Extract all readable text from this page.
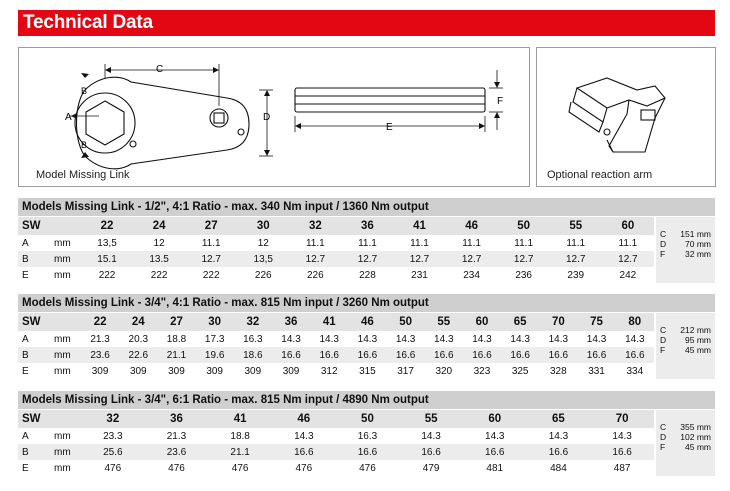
Technical Data
C
D
A
B
B
E
F
Model Missing Link	Optional reaction arm
Models Missing Link - 1/2", 4:1 Ratio - max. 340 Nm input / 1360 Nm output
SW		22	24	27	30	32	36	41	46	50	55	60
A	mm	13,5	12	11.1	12	11.1	11.1	11.1	11.1	11.1	11.1	11.1
B	mm	15.1	13.5	12.7	13,5	12.7	12.7	12.7	12.7	12.7	12.7	12.7
E	mm	222	222	222	226	226	228	231	234	236	239	242
C 151 mm
D 70 mm
F 32 mm
Models Missing Link - 3/4", 4:1 Ratio - max. 815 Nm input / 3260 Nm output
SW		22	24	27	30	32	36	41	46	50	55	60	65	70	75	80
A	mm	21.3	20.3	18.8	17.3	16.3	14.3	14.3	14.3	14.3	14.3	14.3	14.3	14.3	14.3	14.3
B	mm	23.6	22.6	21.1	19.6	18.6	16.6	16.6	16.6	16.6	16.6	16.6	16.6	16.6	16.6	16.6
E	mm	309	309	309	309	309	309	312	315	317	320	323	325	328	331	334
C 212 mm
D 95 mm
F 45 mm
Models Missing Link - 3/4", 6:1 Ratio - max. 815 Nm input / 4890 Nm output
SW		32	36	41	46	50	55	60	65	70
A	mm	23.3	21.3	18.8	14.3	16.3	14.3	14.3	14.3	14.3
B	mm	25.6	23.6	21.1	16.6	16.6	16.6	16.6	16.6	16.6
E	mm	476	476	476	476	476	479	481	484	487
C 355 mm
D 102 mm
F 45 mm
